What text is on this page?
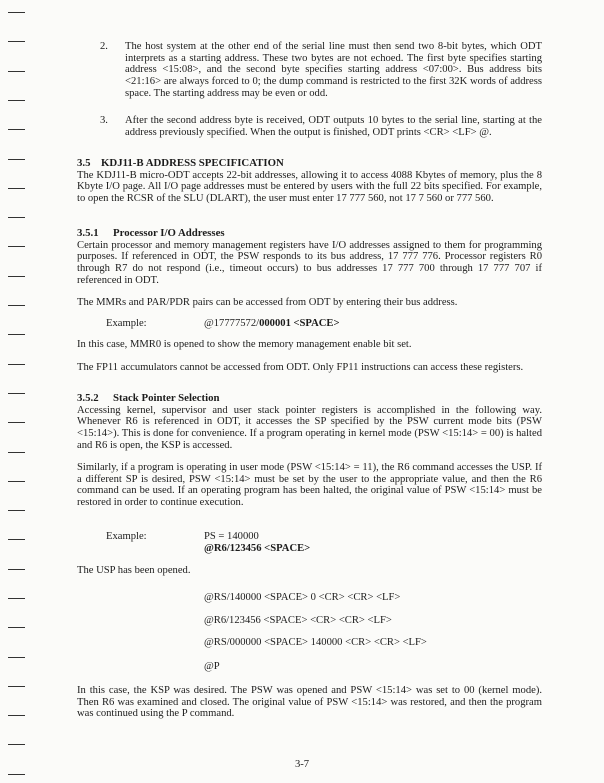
2. The host system at the other end of the serial line must then send two 8-bit bytes, which ODT interprets as a starting address. These two bytes are not echoed. The first byte specifies starting address <15:08>, and the second byte specifies starting address <07:00>. Bus address bits <21:16> are always forced to 0; the dump command is restricted to the first 32K words of address space. The starting address may be even or odd.

3. After the second address byte is received, ODT outputs 10 bytes to the serial line, starting at the address previously specified. When the output is finished, ODT prints <CR> <LF> @.

3.5 KDJ11-B ADDRESS SPECIFICATION

The KDJ11-B micro-ODT accepts 22-bit addresses, allowing it to access 4088 Kbytes of memory, plus the 8 Kbyte I/O page. All I/O page addresses must be entered by users with the full 22 bits specified. For example, to open the RCSR of the SLU (DLART), the user must enter 17 777 560, not 17 7 560 or 777 560.

3.5.1 Processor I/O Addresses

Certain processor and memory management registers have I/O addresses assigned to them for programming purposes. If referenced in ODT, the PSW responds to its bus address, 17 777 776. Processor registers R0 through R7 do not respond (i.e., timeout occurs) to bus addresses 17 777 700 through 17 777 707 if referenced in ODT.

The MMRs and PAR/PDR pairs can be accessed from ODT by entering their bus address.

Example:	@17777572/000001 <SPACE>

In this case, MMR0 is opened to show the memory management enable bit set.

The FP11 accumulators cannot be accessed from ODT. Only FP11 instructions can access these registers.

3.5.2 Stack Pointer Selection

Accessing kernel, supervisor and user stack pointer registers is accomplished in the following way. Whenever R6 is referenced in ODT, it accesses the SP specified by the PSW current mode bits (PSW <15:14>). This is done for convenience. If a program operating in kernel mode (PSW <15:14> = 00) is halted and R6 is open, the KSP is accessed.

Similarly, if a program is operating in user mode (PSW <15:14> = 11), the R6 command accesses the USP. If a different SP is desired, PSW <15:14> must be set by the user to the appropriate value, and then the R6 command can be used. If an operating program has been halted, the original value of PSW <15:14> must be restored in order to continue execution.

Example:	PS = 140000
@R6/123456 <SPACE>

The USP has been opened.

@RS/140000 <SPACE> 0 <CR> <CR> <LF>
@R6/123456 <SPACE> <CR> <CR> <LF>
@RS/000000 <SPACE> 140000 <CR> <CR> <LF>
@P

In this case, the KSP was desired. The PSW was opened and PSW <15:14> was set to 00 (kernel mode). Then R6 was examined and closed. The original value of PSW <15:14> was restored, and then the program was continued using the P command.

3-7
